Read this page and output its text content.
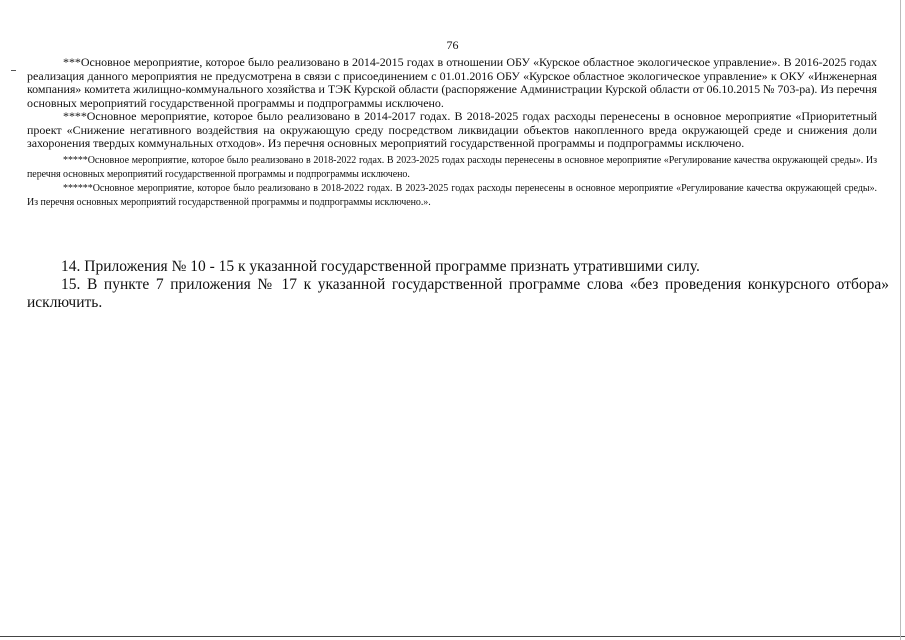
76

***Основное мероприятие, которое было реализовано в 2014-2015 годах в отношении ОБУ «Курское областное экологическое управление». В 2016-2025 годах реализация данного мероприятия не предусмотрена в связи с присоединением с 01.01.2016 ОБУ «Курское областное экологическое управление» к ОКУ «Инженерная компания» комитета жилищно-коммунального хозяйства и ТЭК Курской области (распоряжение Администрации Курской области от 06.10.2015 № 703-ра). Из перечня основных мероприятий государственной программы и подпрограммы исключено.

****Основное мероприятие, которое было реализовано в 2014-2017 годах. В 2018-2025 годах расходы перенесены в основное мероприятие «Приоритетный проект «Снижение негативного воздействия на окружающую среду посредством ликвидации объектов накопленного вреда окружающей среде и снижения доли захоронения твердых коммунальных отходов». Из перечня основных мероприятий государственной программы и подпрограммы исключено.

*****Основное мероприятие, которое было реализовано в 2018-2022 годах. В 2023-2025 годах расходы перенесены в основное мероприятие «Регулирование качества окружающей среды». Из перечня основных мероприятий государственной программы и подпрограммы исключено.

******Основное мероприятие, которое было реализовано в 2018-2022 годах. В 2023-2025 годах расходы перенесены в основное мероприятие «Регулирование качества окружающей среды». Из перечня основных мероприятий государственной программы и подпрограммы исключено.».

14. Приложения № 10 - 15 к указанной государственной программе признать утратившими силу.

15. В пункте 7 приложения № 17 к указанной государственной программе слова «без проведения конкурсного отбора» исключить.
